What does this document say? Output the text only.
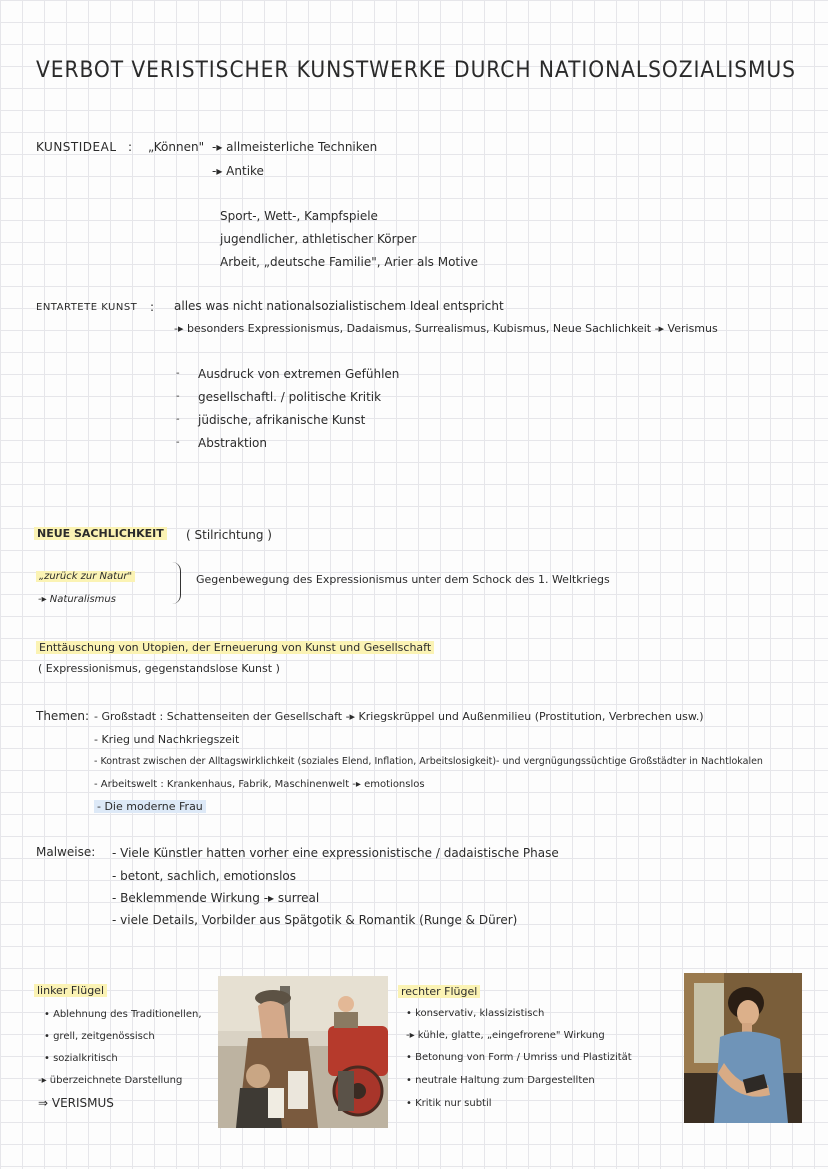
VERBOT VERISTISCHER KUNSTWERKE DURCH NATIONALSOZIALISMUS
KUNSTIDEAL : „Können" -▸ allmeisterliche Techniken
-▸ Antike
Sport-, Wett-, Kampfspiele
jugendlicher, athletischer Körper
Arbeit, „deutsche Familie", Arier als Motive
ENTARTETE KUNST : alles was nicht nationalsozialistischem Ideal entspricht
-▸ besonders Expressionismus, Dadaismus, Surrealismus, Kubismus, Neue Sachlichkeit -▸ Verismus
- Ausdruck von extremen Gefühlen
- gesellschaftl. / politische Kritik
- jüdische, afrikanische Kunst
- Abstraktion
NEUE SACHLICHKEIT ( Stilrichtung )
„zurück zur Natur"
-▸ Naturalismus
Gegenbewegung des Expressionismus unter dem Schock des 1. Weltkriegs
Enttäuschung von Utopien, der Erneuerung von Kunst und Gesellschaft
( Expressionismus, gegenstandslose Kunst )
Themen: - Großstadt : Schattenseiten der Gesellschaft -▸ Kriegskrüppel und Außenmilieu (Prostitution, Verbrechen usw.)
- Krieg und Nachkriegszeit
- Kontrast zwischen der Alltagswirklichkeit (soziales Elend, Inflation, Arbeitslosigkeit)- und vergnügungssüchtige Großstädter in Nachtlokalen
- Arbeitswelt : Krankenhaus, Fabrik, Maschinenwelt -▸ emotionslos
- Die moderne Frau
Malweise: - Viele Künstler hatten vorher eine expressionistische / dadaistische Phase
- betont, sachlich, emotionslos
- Beklemmende Wirkung -▸ surreal
- viele Details, Vorbilder aus Spätgotik & Romantik (Runge & Dürer)
linker Flügel
• Ablehnung des Traditionellen,
• grell, zeitgenössisch
• sozialkritisch
-▸ überzeichnete Darstellung
⇒ VERISMUS
rechter Flügel
• konservativ, klassizistisch
-▸ kühle, glatte, „eingefrorene" Wirkung
• Betonung von Form / Umriss und Plastizität
• neutrale Haltung zum Dargestellten
• Kritik nur subtil
